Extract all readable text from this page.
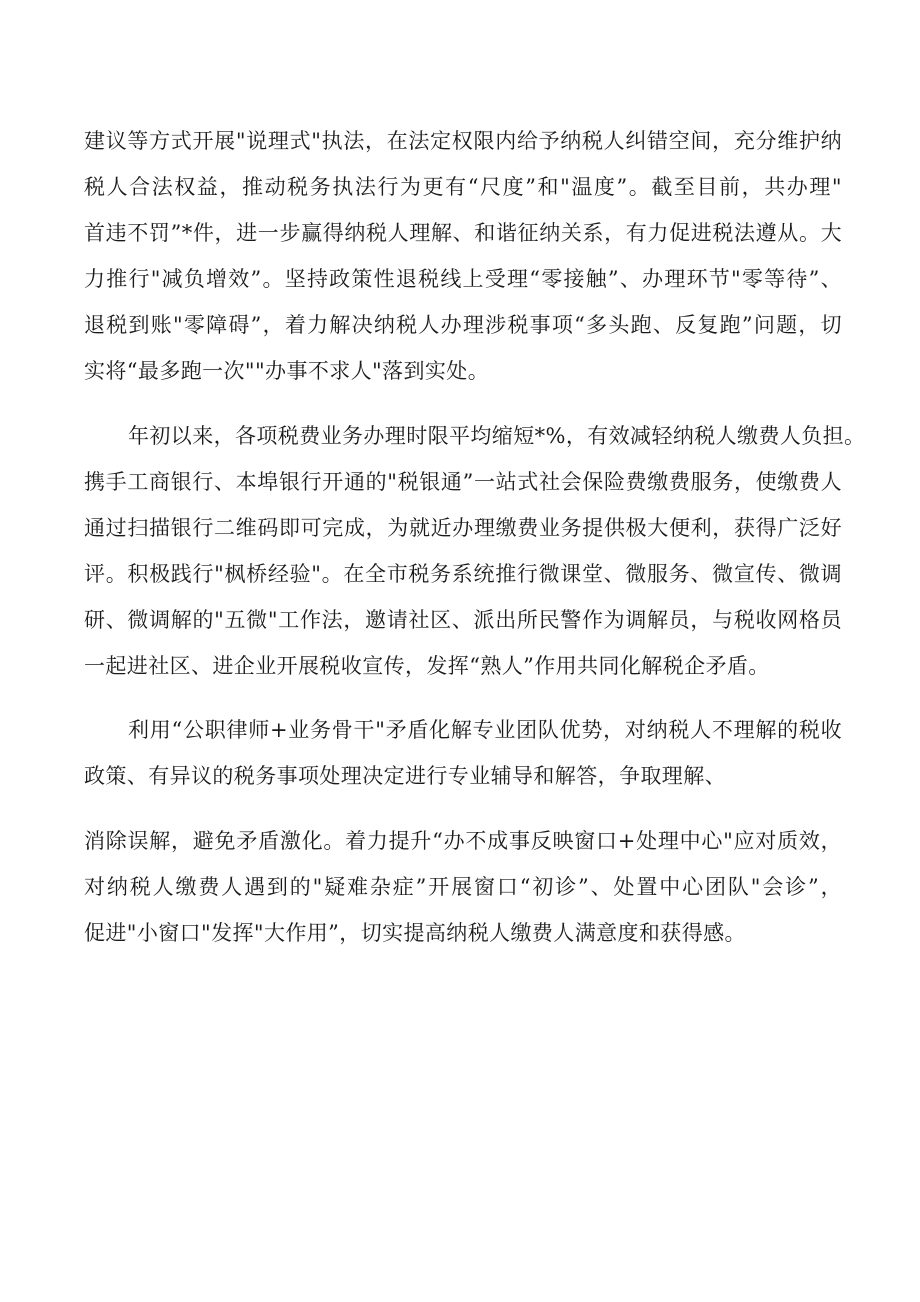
建议等方式开展"说理式"执法，在法定权限内给予纳税人纠错空间，充分维护纳

税人合法权益，推动税务执法行为更有“尺度”和"温度”。截至目前，共办理"

首违不罚”*件，进一步赢得纳税人理解、和谐征纳关系，有力促进税法遵从。大

力推行"减负增效”。坚持政策性退税线上受理“零接触”、办理环节"零等待”、

退税到账"零障碍”，着力解决纳税人办理涉税事项“多头跑、反复跑”问题，切

实将“最多跑一次""办事不求人"落到实处。

年初以来，各项税费业务办理时限平均缩短*%，有效减轻纳税人缴费人负担。

携手工商银行、本埠银行开通的"税银通”一站式社会保险费缴费服务，使缴费人

通过扫描银行二维码即可完成，为就近办理缴费业务提供极大便利，获得广泛好

评。积极践行"枫桥经验"。在全市税务系统推行微课堂、微服务、微宣传、微调

研、微调解的"五微"工作法，邀请社区、派出所民警作为调解员，与税收网格员

一起进社区、进企业开展税收宣传，发挥“熟人”作用共同化解税企矛盾。

利用“公职律师+业务骨干"矛盾化解专业团队优势，对纳税人不理解的税收

政策、有异议的税务事项处理决定进行专业辅导和解答，争取理解、

消除误解，避免矛盾激化。着力提升“办不成事反映窗口+处理中心"应对质效，

对纳税人缴费人遇到的"疑难杂症”开展窗口“初诊”、处置中心团队"会诊”，

促进"小窗口"发挥"大作用”，切实提高纳税人缴费人满意度和获得感。
